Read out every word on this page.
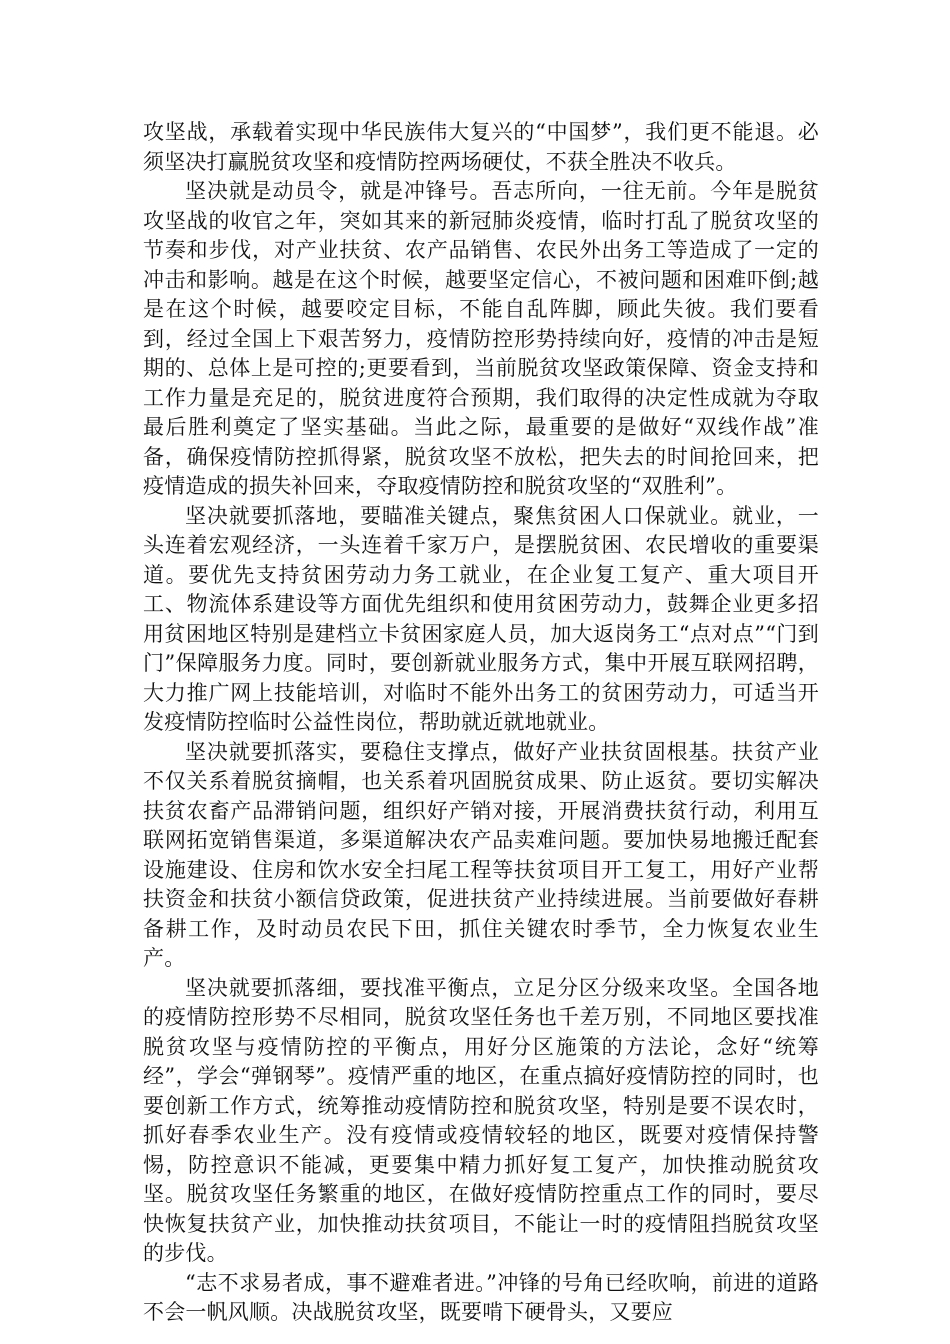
攻坚战，承载着实现中华民族伟大复兴的“中国梦”，我们更不能退。必须坚决打赢脱贫攻坚和疫情防控两场硬仗，不获全胜决不收兵。

坚决就是动员令，就是冲锋号。吾志所向，一往无前。今年是脱贫攻坚战的收官之年，突如其来的新冠肺炎疫情，临时打乱了脱贫攻坚的节奏和步伐，对产业扶贫、农产品销售、农民外出务工等造成了一定的冲击和影响。越是在这个时候，越要坚定信心，不被问题和困难吓倒;越是在这个时候，越要咬定目标，不能自乱阵脚，顾此失彼。我们要看到，经过全国上下艰苦努力，疫情防控形势持续向好，疫情的冲击是短期的、总体上是可控的;更要看到，当前脱贫攻坚政策保障、资金支持和工作力量是充足的，脱贫进度符合预期，我们取得的决定性成就为夺取最后胜利奠定了坚实基础。当此之际，最重要的是做好“双线作战”准备，确保疫情防控抓得紧，脱贫攻坚不放松，把失去的时间抢回来，把疫情造成的损失补回来，夺取疫情防控和脱贫攻坚的“双胜利”。

坚决就要抓落地，要瞄准关键点，聚焦贫困人口保就业。就业，一头连着宏观经济，一头连着千家万户，是摆脱贫困、农民增收的重要渠道。要优先支持贫困劳动力务工就业，在企业复工复产、重大项目开工、物流体系建设等方面优先组织和使用贫困劳动力，鼓舞企业更多招用贫困地区特别是建档立卡贫困家庭人员，加大返岗务工“点对点”“门到门”保障服务力度。同时，要创新就业服务方式，集中开展互联网招聘，大力推广网上技能培训，对临时不能外出务工的贫困劳动力，可适当开发疫情防控临时公益性岗位，帮助就近就地就业。

坚决就要抓落实，要稳住支撑点，做好产业扶贫固根基。扶贫产业不仅关系着脱贫摘帽，也关系着巩固脱贫成果、防止返贫。要切实解决扶贫农畜产品滞销问题，组织好产销对接，开展消费扶贫行动，利用互联网拓宽销售渠道，多渠道解决农产品卖难问题。要加快易地搬迁配套设施建设、住房和饮水安全扫尾工程等扶贫项目开工复工，用好产业帮扶资金和扶贫小额信贷政策，促进扶贫产业持续进展。当前要做好春耕备耕工作，及时动员农民下田，抓住关键农时季节，全力恢复农业生产。

坚决就要抓落细，要找准平衡点，立足分区分级来攻坚。全国各地的疫情防控形势不尽相同，脱贫攻坚任务也千差万别，不同地区要找准脱贫攻坚与疫情防控的平衡点，用好分区施策的方法论，念好“统筹经”，学会“弹钢琴”。疫情严重的地区，在重点搞好疫情防控的同时，也要创新工作方式，统筹推动疫情防控和脱贫攻坚，特别是要不误农时，抓好春季农业生产。没有疫情或疫情较轻的地区，既要对疫情保持警惕，防控意识不能减，更要集中精力抓好复工复产，加快推动脱贫攻坚。脱贫攻坚任务繁重的地区，在做好疫情防控重点工作的同时，要尽快恢复扶贫产业，加快推动扶贫项目，不能让一时的疫情阻挡脱贫攻坚的步伐。

“志不求易者成，事不避难者进。”冲锋的号角已经吹响，前进的道路不会一帆风顺。决战脱贫攻坚，既要啃下硬骨头，又要应
